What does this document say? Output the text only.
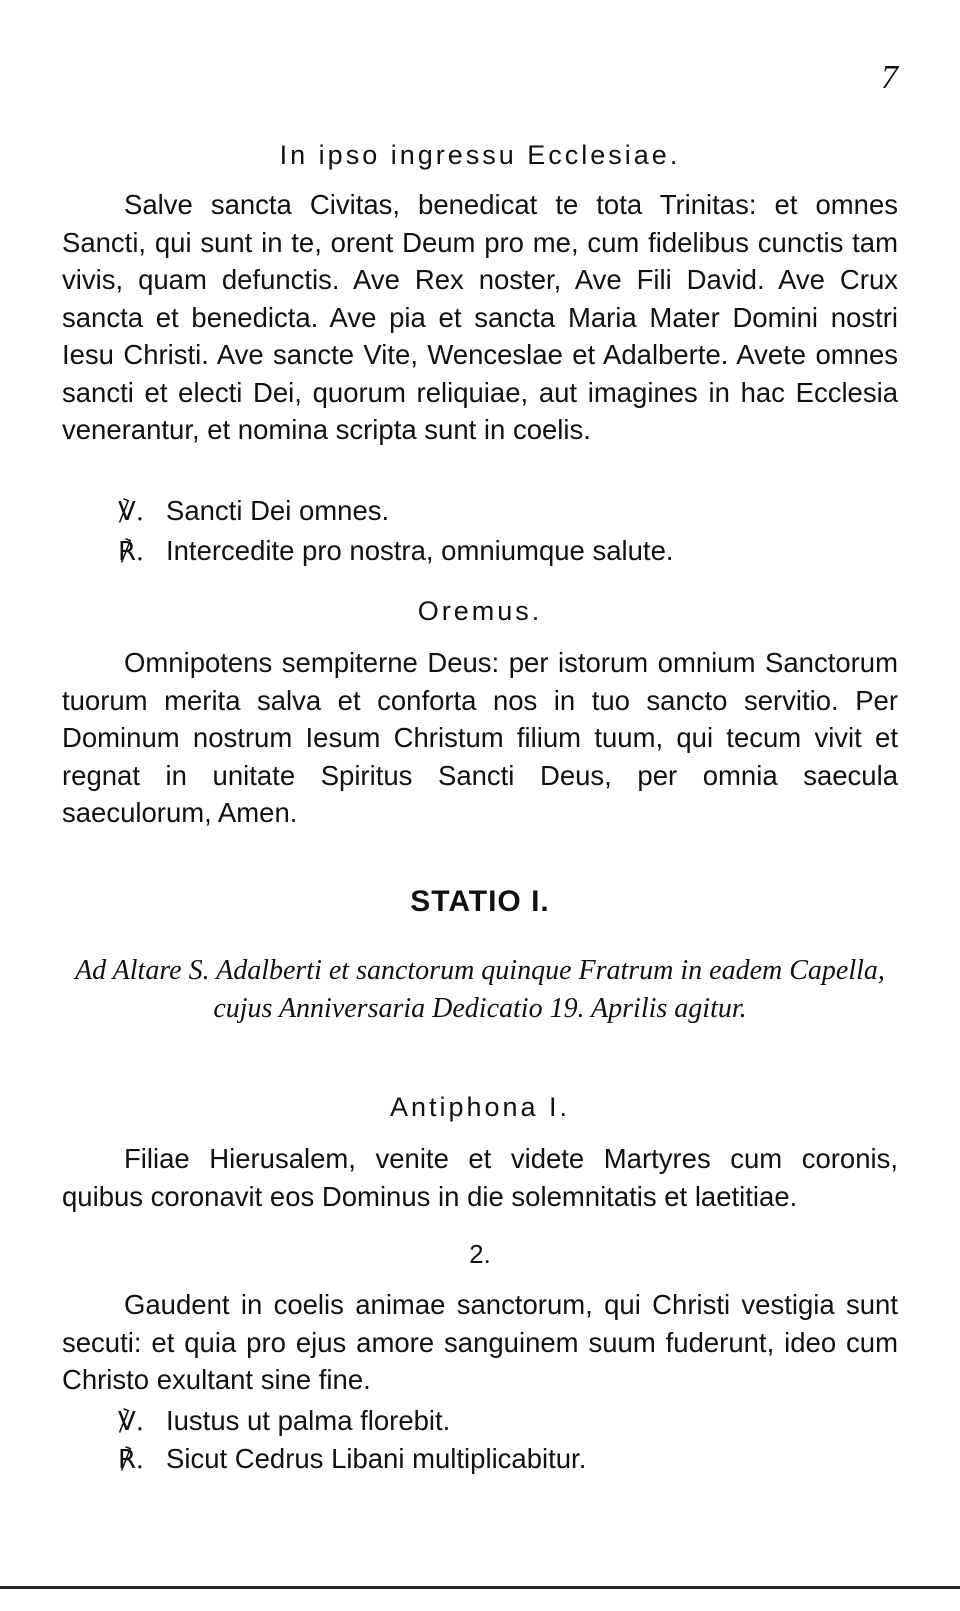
7
In ipso ingressu Ecclesiae.

Salve sancta Civitas, benedicat te tota Trinitas: et omnes Sancti, qui sunt in te, orent Deum pro me, cum fidelibus cunctis tam vivis, quam defunctis. Ave Rex noster, Ave Fili David. Ave Crux sancta et benedicta. Ave pia et sancta Maria Mater Domini nostri Iesu Christi. Ave sancte Vite, Wenceslae et Adalberte. Avete omnes sancti et electi Dei, quorum reliquiae, aut imagines in hac Ecclesia venerantur, et nomina scripta sunt in coelis.

℣. Sancti Dei omnes.
℟. Intercedite pro nostra, omniumque salute.
Oremus.

Omnipotens sempiterne Deus: per istorum omnium Sanctorum tuorum merita salva et conforta nos in tuo sancto servitio. Per Dominum nostrum Iesum Christum filium tuum, qui tecum vivit et regnat in unitate Spiritus Sancti Deus, per omnia saecula saeculorum, Amen.

STATIO I.

Ad Altare S. Adalberti et sanctorum quinque Fratrum in eadem Capella, cujus Anniversaria Dedicatio 19. Aprilis agitur.

Antiphona I.

Filiae Hierusalem, venite et videte Martyres cum coronis, quibus coronavit eos Dominus in die solemnitatis et laetitiae.

2.

Gaudent in coelis animae sanctorum, qui Christi vestigia sunt secuti: et quia pro ejus amore sanguinem suum fuderunt, ideo cum Christo exultant sine fine.

℣. Iustus ut palma florebit.
℟. Sicut Cedrus Libani multiplicabitur.
